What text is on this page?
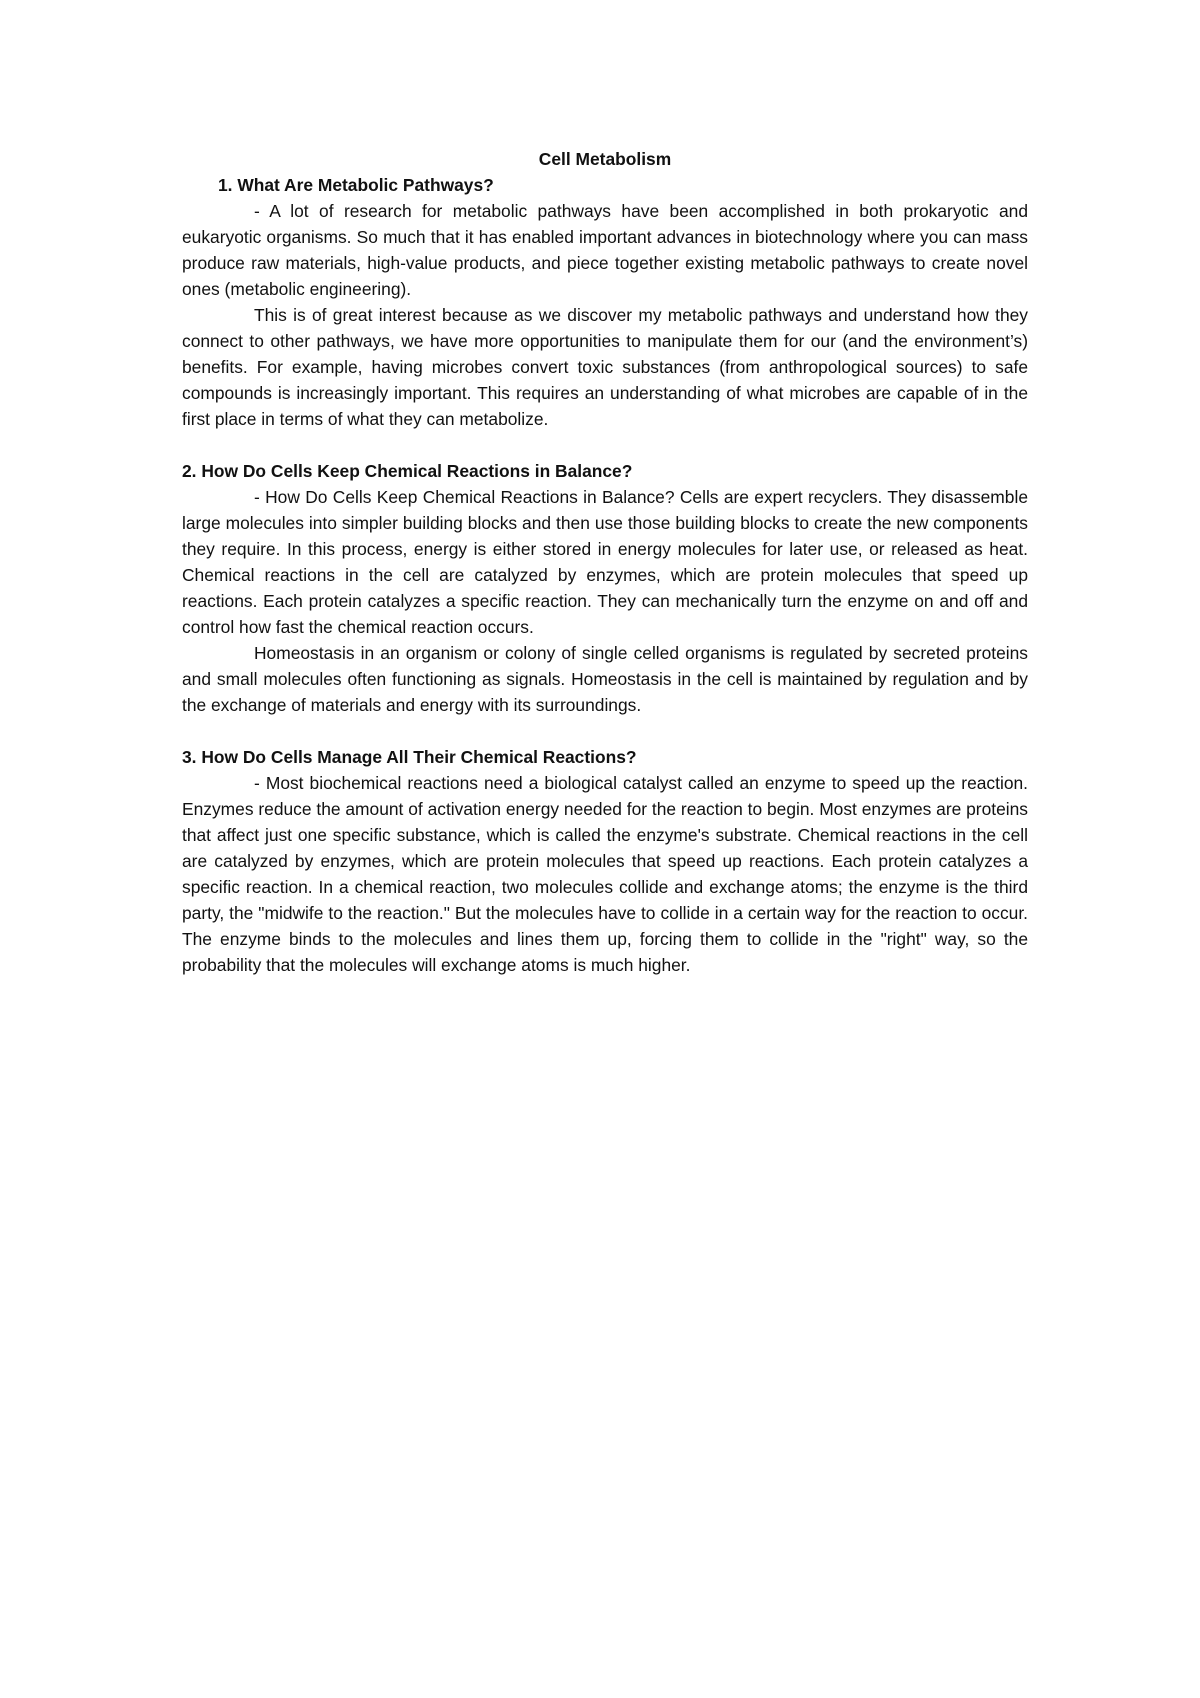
Cell Metabolism

1. What Are Metabolic Pathways?

- A lot of research for metabolic pathways have been accomplished in both prokaryotic and eukaryotic organisms. So much that it has enabled important advances in biotechnology where you can mass produce raw materials, high-value products, and piece together existing metabolic pathways to create novel ones (metabolic engineering).

This is of great interest because as we discover my metabolic pathways and understand how they connect to other pathways, we have more opportunities to manipulate them for our (and the environment’s) benefits. For example, having microbes convert toxic substances (from anthropological sources) to safe compounds is increasingly important. This requires an understanding of what microbes are capable of in the first place in terms of what they can metabolize.

2. How Do Cells Keep Chemical Reactions in Balance?

- How Do Cells Keep Chemical Reactions in Balance? Cells are expert recyclers. They disassemble large molecules into simpler building blocks and then use those building blocks to create the new components they require. In this process, energy is either stored in energy molecules for later use, or released as heat. Chemical reactions in the cell are catalyzed by enzymes, which are protein molecules that speed up reactions. Each protein catalyzes a specific reaction. They can mechanically turn the enzyme on and off and control how fast the chemical reaction occurs.

Homeostasis in an organism or colony of single celled organisms is regulated by secreted proteins and small molecules often functioning as signals. Homeostasis in the cell is maintained by regulation and by the exchange of materials and energy with its surroundings.

3. How Do Cells Manage All Their Chemical Reactions?

- Most biochemical reactions need a biological catalyst called an enzyme to speed up the reaction. Enzymes reduce the amount of activation energy needed for the reaction to begin. Most enzymes are proteins that affect just one specific substance, which is called the enzyme's substrate. Chemical reactions in the cell are catalyzed by enzymes, which are protein molecules that speed up reactions. Each protein catalyzes a specific reaction. In a chemical reaction, two molecules collide and exchange atoms; the enzyme is the third party, the "midwife to the reaction." But the molecules have to collide in a certain way for the reaction to occur. The enzyme binds to the molecules and lines them up, forcing them to collide in the "right" way, so the probability that the molecules will exchange atoms is much higher.
